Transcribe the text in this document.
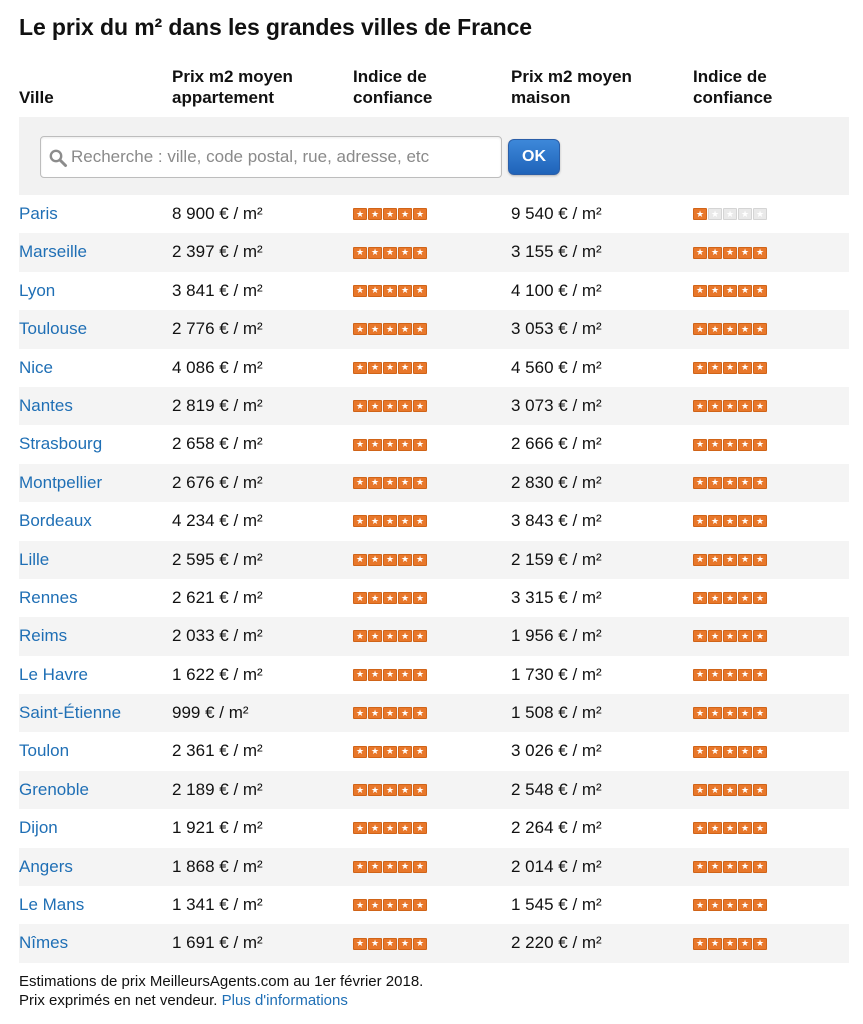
Le prix du m² dans les grandes villes de France
Ville
Prix m2 moyen
appartement
Indice de
confiance
Prix m2 moyen
maison
Indice de
confiance
Recherche : ville, code postal, rue, adresse, etc
OK
Paris	8 900 € / m²	★ ★ ★ ★ ★	9 540 € / m²	★ ★ ★ ★ ★
Marseille	2 397 € / m²	★ ★ ★ ★ ★	3 155 € / m²	★ ★ ★ ★ ★
Lyon	3 841 € / m²	★ ★ ★ ★ ★	4 100 € / m²	★ ★ ★ ★ ★
Toulouse	2 776 € / m²	★ ★ ★ ★ ★	3 053 € / m²	★ ★ ★ ★ ★
Nice	4 086 € / m²	★ ★ ★ ★ ★	4 560 € / m²	★ ★ ★ ★ ★
Nantes	2 819 € / m²	★ ★ ★ ★ ★	3 073 € / m²	★ ★ ★ ★ ★
Strasbourg	2 658 € / m²	★ ★ ★ ★ ★	2 666 € / m²	★ ★ ★ ★ ★
Montpellier	2 676 € / m²	★ ★ ★ ★ ★	2 830 € / m²	★ ★ ★ ★ ★
Bordeaux	4 234 € / m²	★ ★ ★ ★ ★	3 843 € / m²	★ ★ ★ ★ ★
Lille	2 595 € / m²	★ ★ ★ ★ ★	2 159 € / m²	★ ★ ★ ★ ★
Rennes	2 621 € / m²	★ ★ ★ ★ ★	3 315 € / m²	★ ★ ★ ★ ★
Reims	2 033 € / m²	★ ★ ★ ★ ★	1 956 € / m²	★ ★ ★ ★ ★
Le Havre	1 622 € / m²	★ ★ ★ ★ ★	1 730 € / m²	★ ★ ★ ★ ★
Saint-Étienne	999 € / m²	★ ★ ★ ★ ★	1 508 € / m²	★ ★ ★ ★ ★
Toulon	2 361 € / m²	★ ★ ★ ★ ★	3 026 € / m²	★ ★ ★ ★ ★
Grenoble	2 189 € / m²	★ ★ ★ ★ ★	2 548 € / m²	★ ★ ★ ★ ★
Dijon	1 921 € / m²	★ ★ ★ ★ ★	2 264 € / m²	★ ★ ★ ★ ★
Angers	1 868 € / m²	★ ★ ★ ★ ★	2 014 € / m²	★ ★ ★ ★ ★
Le Mans	1 341 € / m²	★ ★ ★ ★ ★	1 545 € / m²	★ ★ ★ ★ ★
Nîmes	1 691 € / m²	★ ★ ★ ★ ★	2 220 € / m²	★ ★ ★ ★ ★
Estimations de prix MeilleursAgents.com au 1er février 2018.
Prix exprimés en net vendeur. Plus d'informations
